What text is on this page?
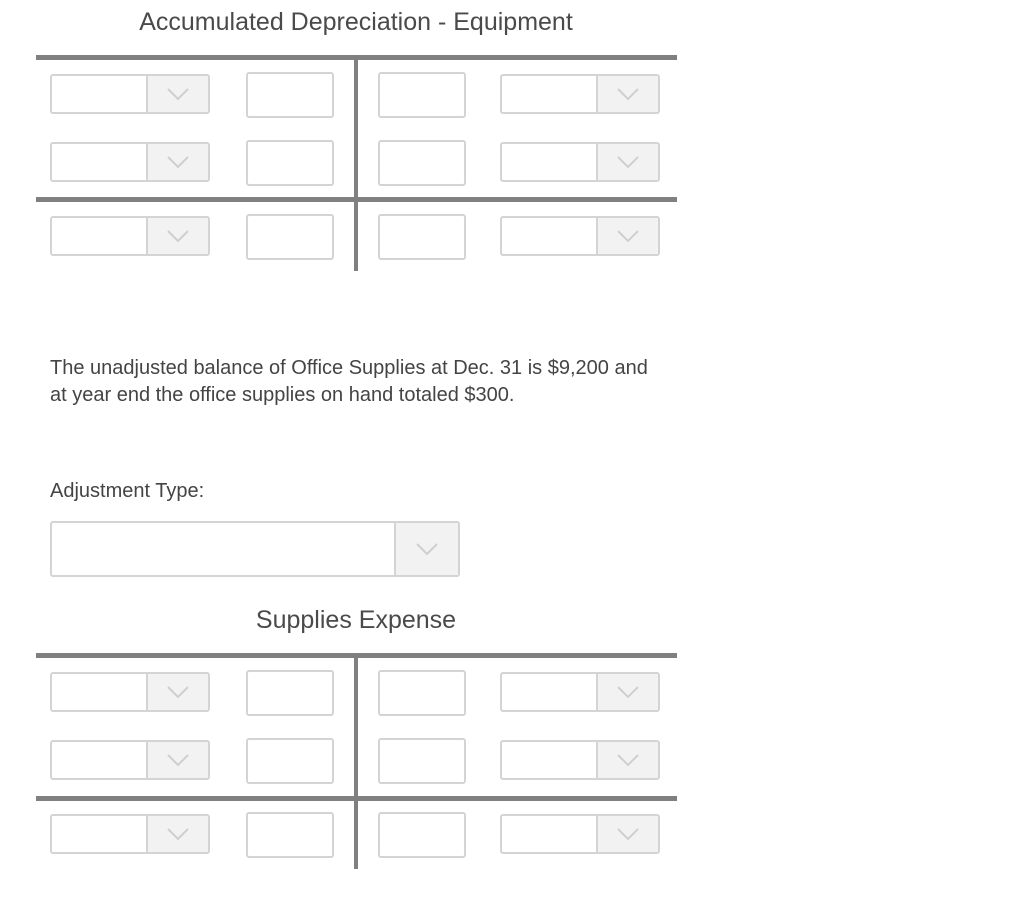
Accumulated Depreciation - Equipment
The unadjusted balance of Office Supplies at Dec. 31 is $9,200 and at year end the office supplies on hand totaled $300.
Adjustment Type:
Supplies Expense
